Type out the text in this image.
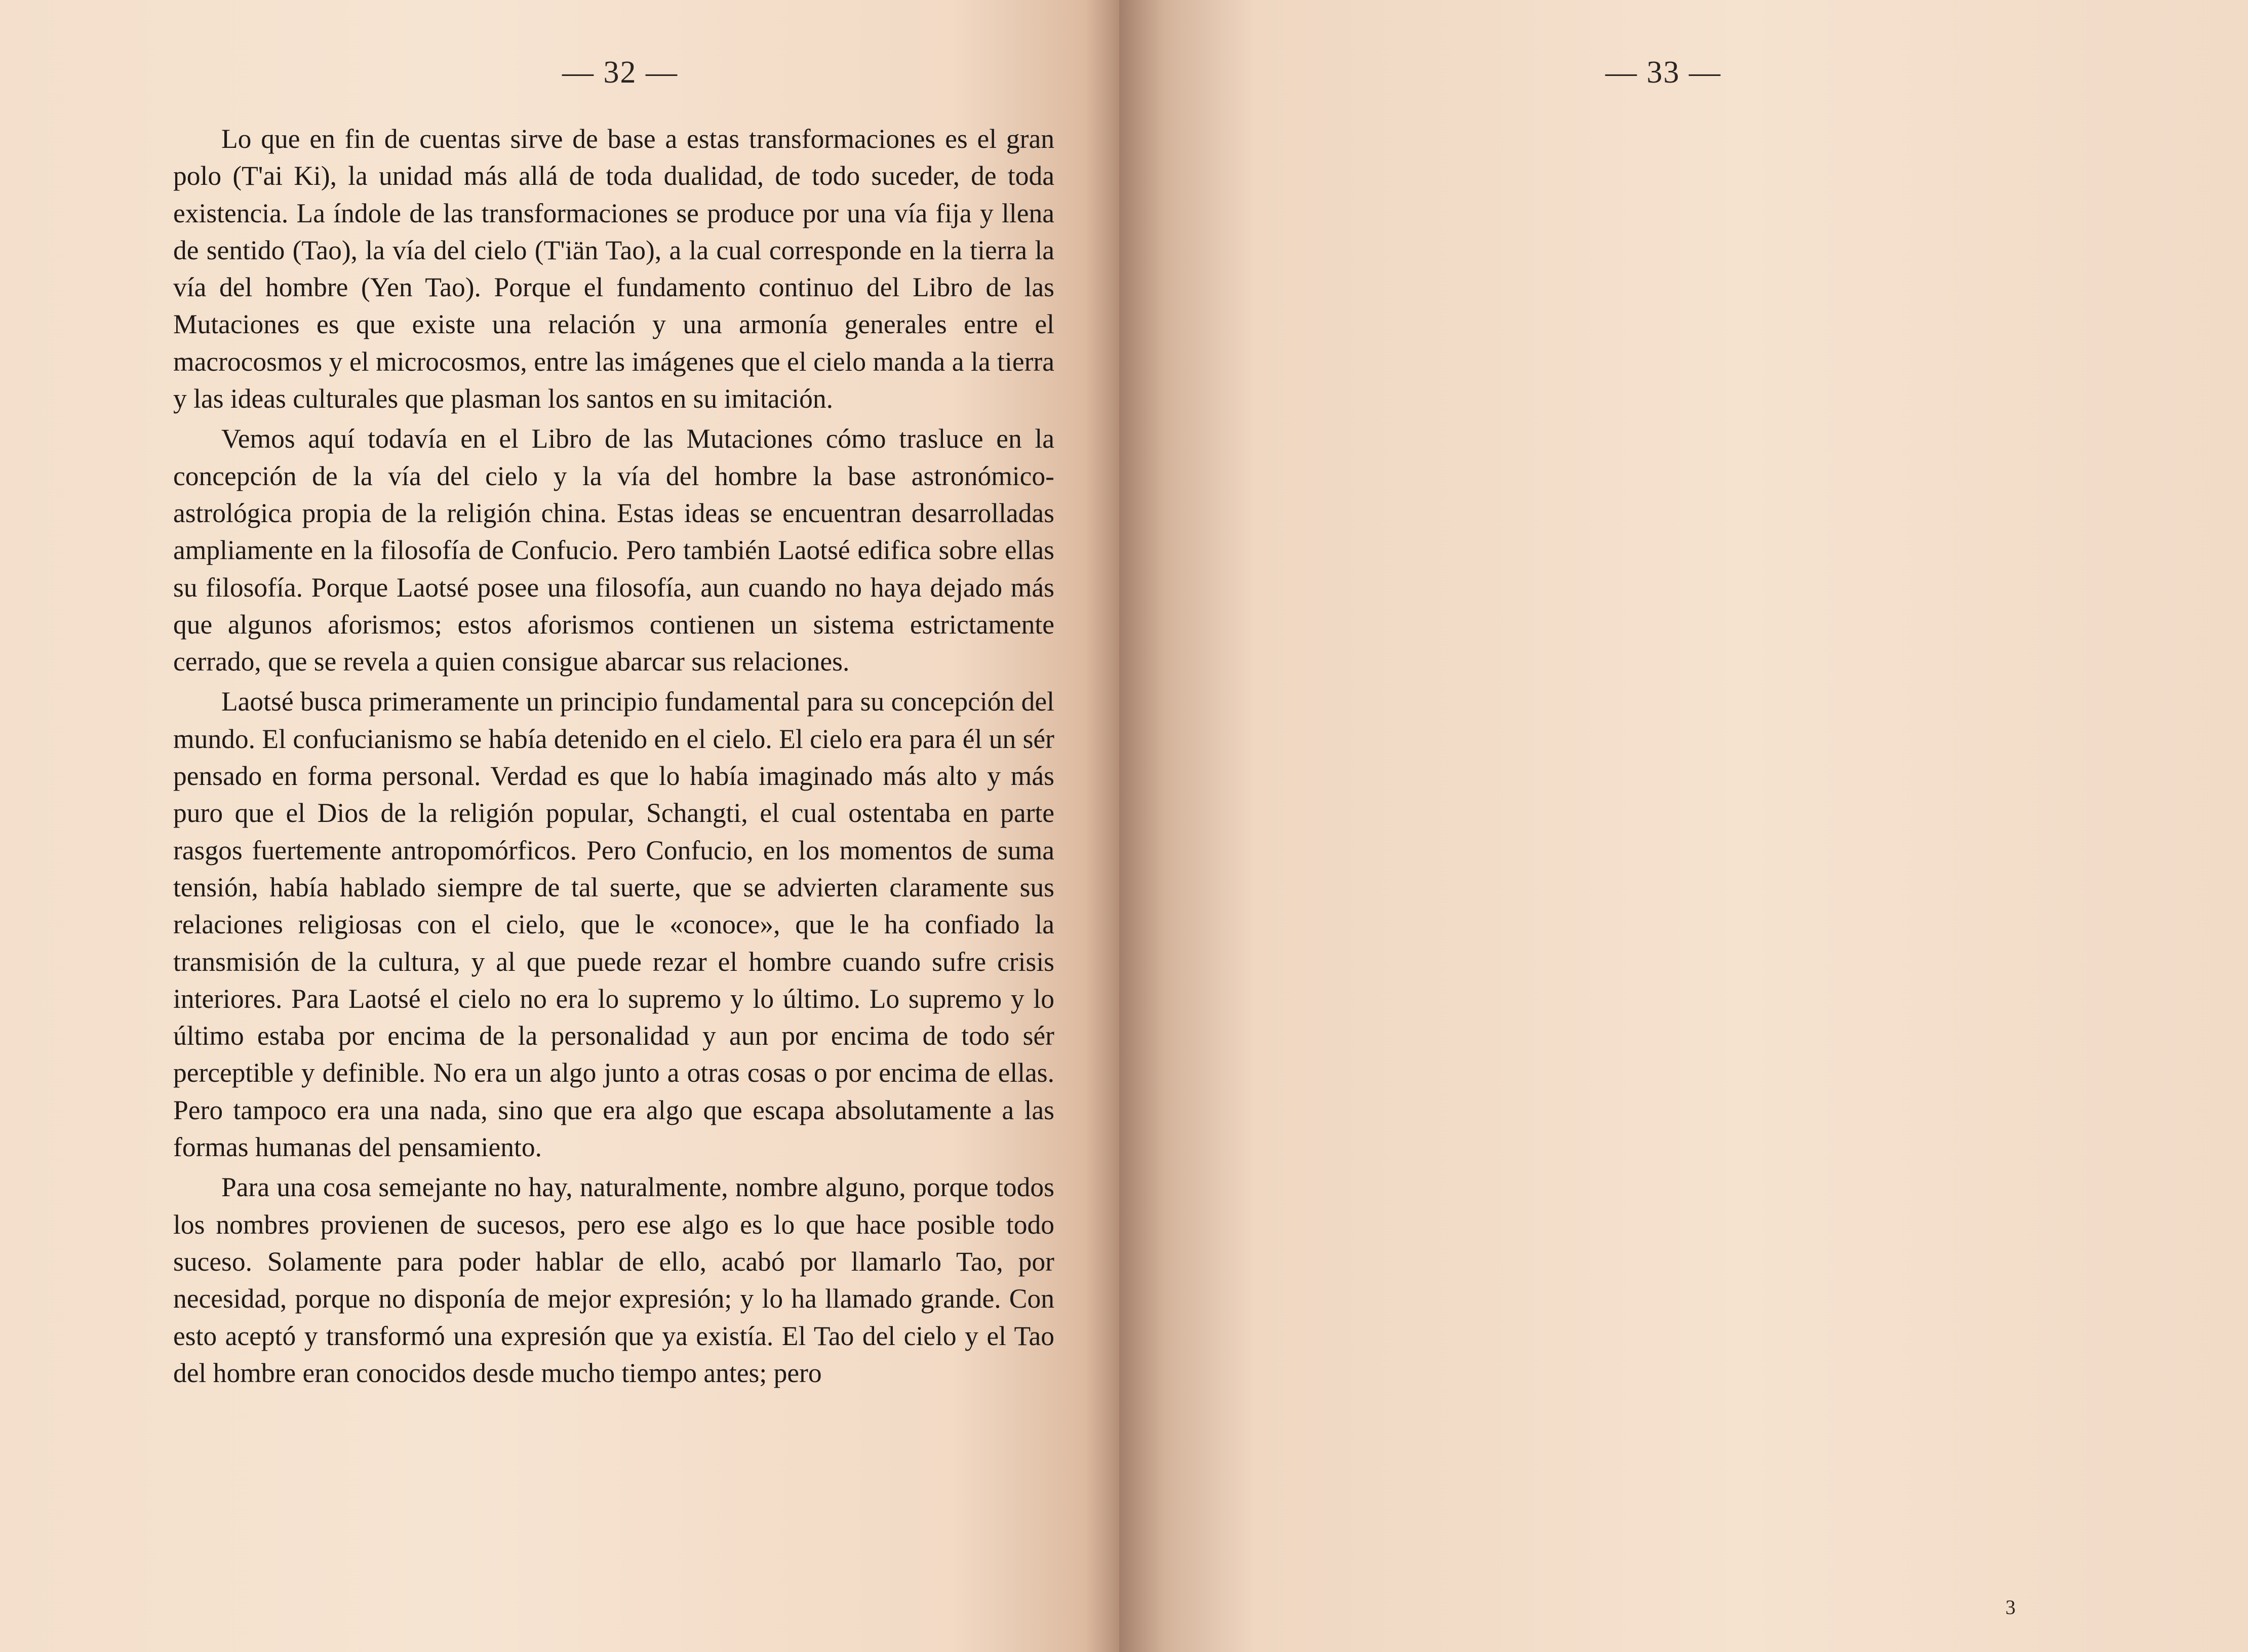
— 32 —

Lo que en fin de cuentas sirve de base a estas transformaciones es el gran polo (T'ai Ki), la unidad más allá de toda dualidad, de todo suceder, de toda existencia. La índole de las transformaciones se produce por una vía fija y llena de sentido (Tao), la vía del cielo (T'iän Tao), a la cual corresponde en la tierra la vía del hombre (Yen Tao). Porque el fundamento continuo del Libro de las Mutaciones es que existe una relación y una armonía generales entre el macrocosmos y el microcosmos, entre las imágenes que el cielo manda a la tierra y las ideas culturales que plasman los santos en su imitación.

Vemos aquí todavía en el Libro de las Mutaciones cómo trasluce en la concepción de la vía del cielo y la vía del hombre la base astronómico-astrológica propia de la religión china. Estas ideas se encuentran desarrolladas ampliamente en la filosofía de Confucio. Pero también Laotsé edifica sobre ellas su filosofía. Porque Laotsé posee una filosofía, aun cuando no haya dejado más que algunos aforismos; estos aforismos contienen un sistema estrictamente cerrado, que se revela a quien consigue abarcar sus relaciones.

Laotsé busca primeramente un principio fundamental para su concepción del mundo. El confucianismo se había detenido en el cielo. El cielo era para él un sér pensado en forma personal. Verdad es que lo había imaginado más alto y más puro que el Dios de la religión popular, Schangti, el cual ostentaba en parte rasgos fuertemente antropomórficos. Pero Confucio, en los momentos de suma tensión, había hablado siempre de tal suerte, que se advierten claramente sus relaciones religiosas con el cielo, que le «conoce», que le ha confiado la transmisión de la cultura, y al que puede rezar el hombre cuando sufre crisis interiores. Para Laotsé el cielo no era lo supremo y lo último. Lo supremo y lo último estaba por encima de la personalidad y aun por encima de todo sér perceptible y definible. No era un algo junto a otras cosas o por encima de ellas. Pero tampoco era una nada, sino que era algo que escapa absolutamente a las formas humanas del pensamiento.

Para una cosa semejante no hay, naturalmente, nombre alguno, porque todos los nombres provienen de sucesos, pero ese algo es lo que hace posible todo suceso. Solamente para poder hablar de ello, acabó por llamarlo Tao, por necesidad, porque no disponía de mejor expresión; y lo ha llamado grande. Con esto aceptó y transformó una expresión que ya existía. El Tao del cielo y el Tao del hombre eran conocidos desde mucho tiempo antes; pero

— 33 —
3
